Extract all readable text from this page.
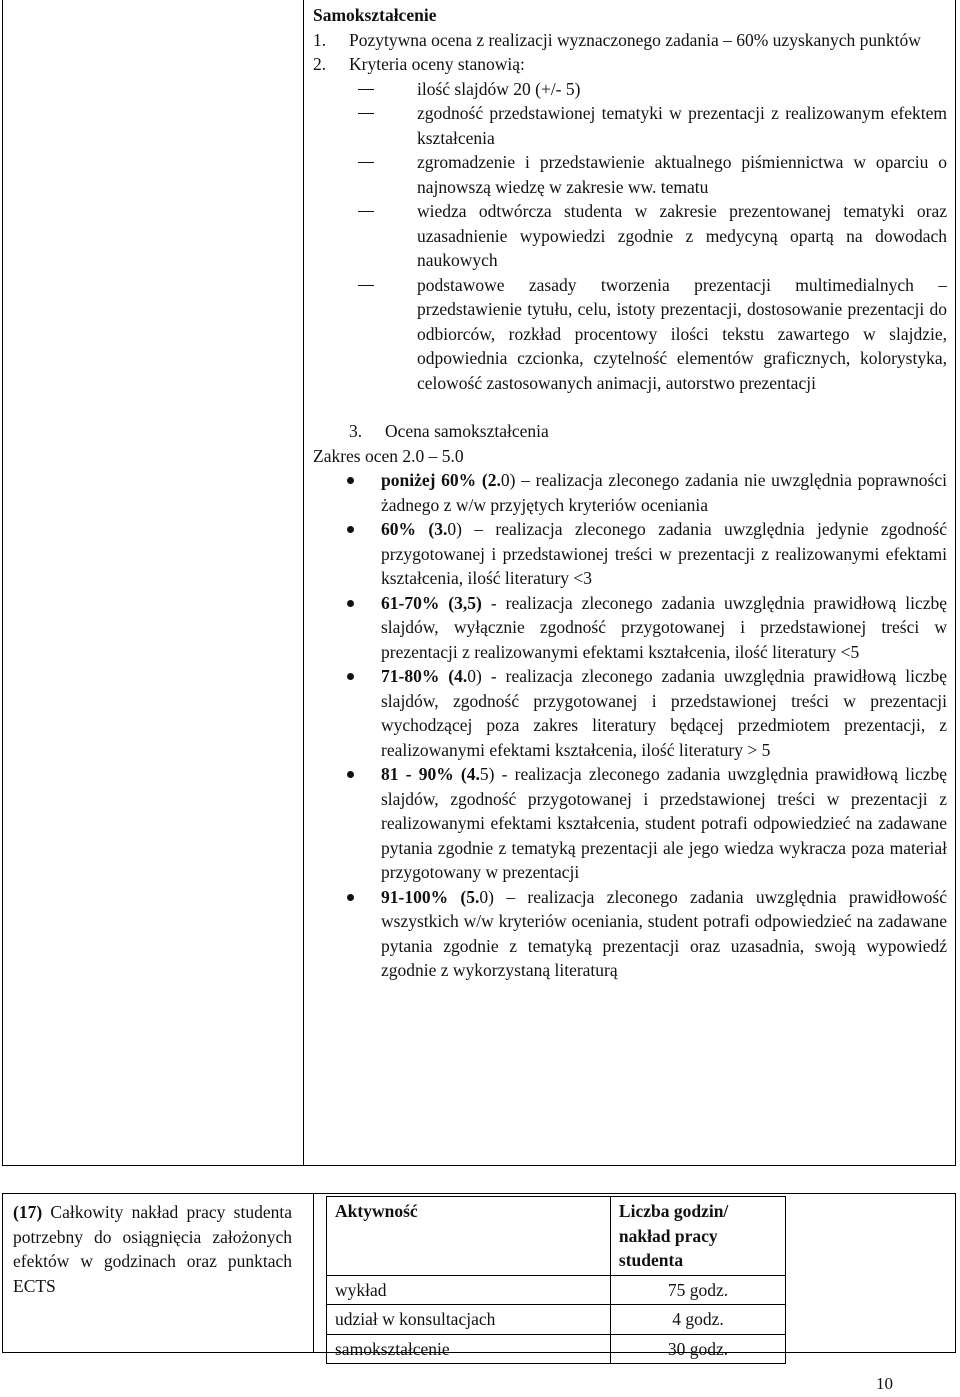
Samokształcenie
1.	Pozytywna ocena z realizacji wyznaczonego zadania – 60% uzyskanych punktów
2.	Kryteria oceny stanowią:
ilość slajdów 20 (+/- 5)
zgodność przedstawionej tematyki w prezentacji z realizowanym efektem kształcenia
zgromadzenie i przedstawienie aktualnego piśmiennictwa w oparciu o najnowszą wiedzę w zakresie ww. tematu
wiedza odtwórcza studenta w zakresie prezentowanej tematyki oraz uzasadnienie wypowiedzi zgodnie z medycyną opartą na dowodach naukowych
podstawowe zasady tworzenia prezentacji multimedialnych – przedstawienie tytułu, celu, istoty prezentacji, dostosowanie prezentacji do odbiorców, rozkład procentowy ilości tekstu zawartego w slajdzie, odpowiednia czcionka, czytelność elementów graficznych, kolorystyka, celowość zastosowanych animacji, autorstwo prezentacji
3.	Ocena samokształcenia
Zakres ocen 2.0 – 5.0
poniżej 60% (2.0) – realizacja zleconego zadania nie uwzględnia poprawności żadnego z w/w przyjętych kryteriów oceniania
60% (3.0) – realizacja zleconego zadania uwzględnia jedynie zgodność przygotowanej i przedstawionej treści w prezentacji z realizowanymi efektami kształcenia, ilość literatury <3
61-70% (3,5) - realizacja zleconego zadania uwzględnia prawidłową liczbę slajdów, wyłącznie zgodność przygotowanej i przedstawionej treści w prezentacji z realizowanymi efektami kształcenia, ilość literatury <5
71-80% (4.0) - realizacja zleconego zadania uwzględnia prawidłową liczbę slajdów, zgodność przygotowanej i przedstawionej treści w prezentacji wychodzącej poza zakres literatury będącej przedmiotem prezentacji, z realizowanymi efektami kształcenia, ilość literatury > 5
81 - 90% (4.5) - realizacja zleconego zadania uwzględnia prawidłową liczbę slajdów, zgodność przygotowanej i przedstawionej treści w prezentacji z realizowanymi efektami kształcenia, student potrafi odpowiedzieć na zadawane pytania zgodnie z tematyką prezentacji ale jego wiedza wykracza poza materiał przygotowany w prezentacji
91-100% (5.0) – realizacja zleconego zadania uwzględnia prawidłowość wszystkich w/w kryteriów oceniania, student potrafi odpowiedzieć na zadawane pytania zgodnie z tematyką prezentacji oraz uzasadnia, swoją wypowiedź zgodnie z wykorzystaną literaturą
(17) Całkowity nakład pracy studenta potrzebny do osiągnięcia założonych efektów w godzinach oraz punktach ECTS
Aktywność	Liczba godzin/ nakład pracy studenta
wykład	75 godz.
udział w konsultacjach	4 godz.
samokształcenie	30 godz.
10
